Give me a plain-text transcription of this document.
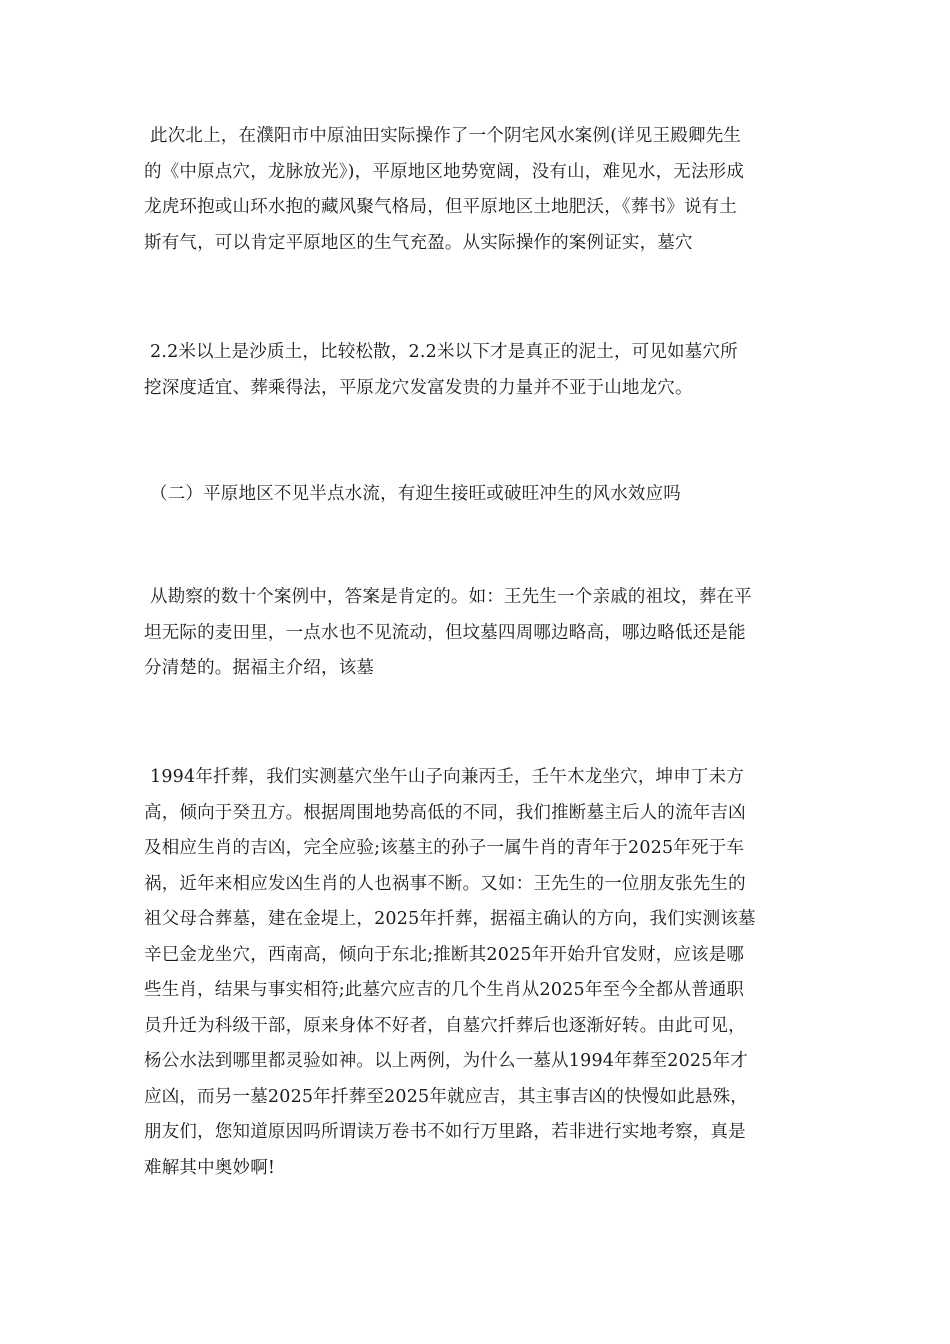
此次北上，在濮阳市中原油田实际操作了一个阴宅风水案例(详见王殿卿先生
的《中原点穴，龙脉放光》)，平原地区地势宽阔，没有山，难见水，无法形成
龙虎环抱或山环水抱的藏风聚气格局，但平原地区土地肥沃，《葬书》说有土
斯有气，可以肯定平原地区的生气充盈。从实际操作的案例证实，墓穴

2.2米以上是沙质土，比较松散，2.2米以下才是真正的泥土，可见如墓穴所
挖深度适宜、葬乘得法，平原龙穴发富发贵的力量并不亚于山地龙穴。

（二）平原地区不见半点水流，有迎生接旺或破旺冲生的风水效应吗

从勘察的数十个案例中，答案是肯定的。如：王先生一个亲戚的祖坟，葬在平
坦无际的麦田里，一点水也不见流动，但坟墓四周哪边略高，哪边略低还是能
分清楚的。据福主介绍，该墓

1994年扦葬，我们实测墓穴坐午山子向兼丙壬，壬午木龙坐穴，坤申丁未方
高，倾向于癸丑方。根据周围地势高低的不同，我们推断墓主后人的流年吉凶
及相应生肖的吉凶，完全应验;该墓主的孙子一属牛肖的青年于2025年死于车
祸，近年来相应发凶生肖的人也祸事不断。又如：王先生的一位朋友张先生的
祖父母合葬墓，建在金堤上，2025年扦葬，据福主确认的方向，我们实测该墓
辛巳金龙坐穴，西南高，倾向于东北;推断其2025年开始升官发财，应该是哪
些生肖，结果与事实相符;此墓穴应吉的几个生肖从2025年至今全都从普通职
员升迁为科级干部，原来身体不好者，自墓穴扦葬后也逐渐好转。由此可见，
杨公水法到哪里都灵验如神。以上两例，为什么一墓从1994年葬至2025年才
应凶，而另一墓2025年扦葬至2025年就应吉，其主事吉凶的快慢如此悬殊，
朋友们，您知道原因吗所谓读万卷书不如行万里路，若非进行实地考察，真是
难解其中奥妙啊!
